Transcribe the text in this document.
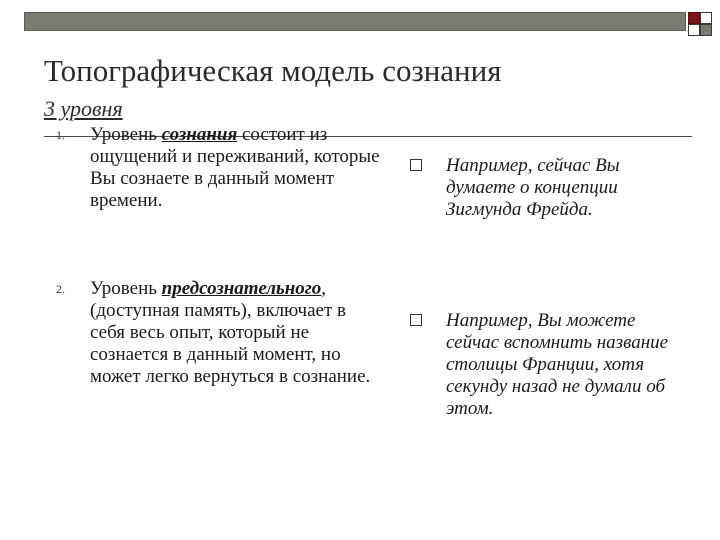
Топографическая модель сознания
3 уровня
1. Уровень сознания состоит из ощущений и переживаний, которые Вы сознаете в данный момент времени.
Например, сейчас Вы думаете о концепции Зигмунда Фрейда.
2. Уровень предсознательного, (доступная память), включает в себя весь опыт, который не сознается в данный момент, но может легко вернуться в сознание.
Например, Вы можете сейчас вспомнить название столицы Франции, хотя секунду назад не думали об этом.
